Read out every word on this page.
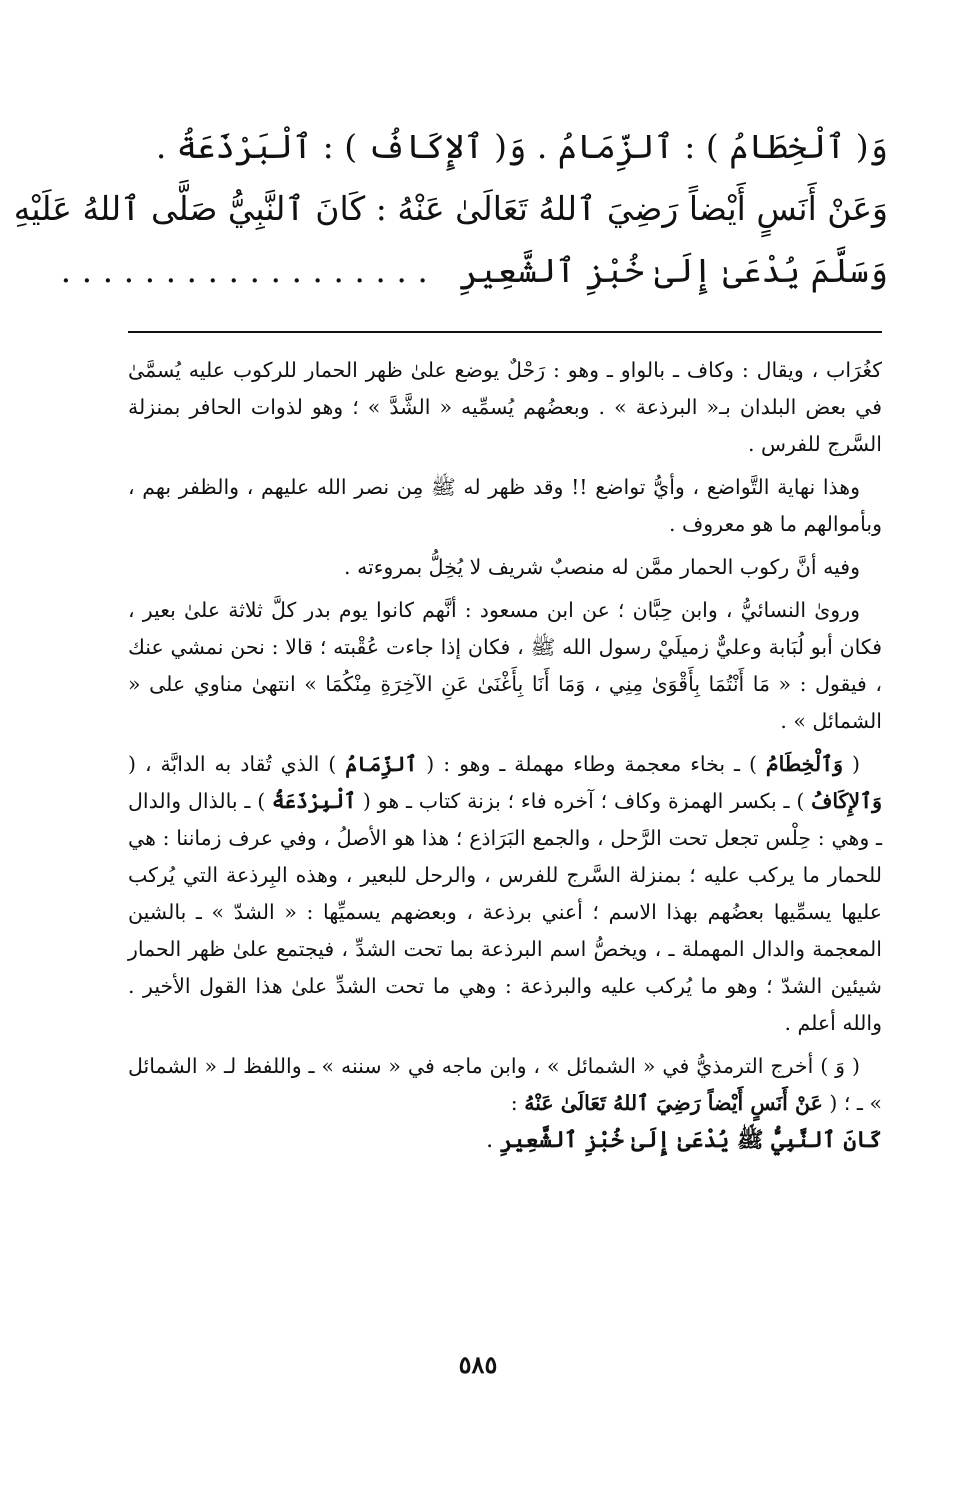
وَ( ٱلْخِطَامُ ) : ٱلزِّمَامُ . وَ( ٱلإِكَافُ ) : ٱلْبَرْذَعَةُ .
وَعَنْ أَنَسٍ أَيْضاً رَضِيَ ٱللهُ تَعَالَىٰ عَنْهُ : كَانَ ٱلنَّبِيُّ صَلَّى ٱللهُ عَلَيْهِ
وَسَلَّمَ يُدْعَىٰ إِلَىٰ خُبْزِ ٱلشَّعِيرِ   . . . . . . . . . . . . . . . . . .

كغُرَاب ، ويقال : وكاف ـ بالواو ـ وهو : رَحْلٌ يوضع علىٰ ظهر الحمار للركوب عليه يُسمَّىٰ في بعض البلدان بـ« البرذعة » . وبعضُهم يُسمِّيه « الشَّدَّ » ؛ وهو لذوات الحافر بمنزلة السَّرج للفرس .

وهذا نهاية التَّواضع ، وأيُّ تواضع !! وقد ظهر له ﷺ مِن نصر الله عليهم ، والظفر بهم ، وبأموالهم ما هو معروف .

وفيه أنَّ ركوب الحمار ممَّن له منصبٌ شريف لا يُخِلُّ بمروءته .

وروىٰ النسائيُّ ، وابن حِبَّان ؛ عن ابن مسعود : أنَّهم كانوا يوم بدر كلَّ ثلاثة علىٰ بعير ، فكان أبو لُبَابة وعليٌّ زميلَيْ رسول الله ﷺ ، فكان إذا جاءت عُقْبته ؛ قالا : نحن نمشي عنك ، فيقول : « مَا أَنْتُمَا بِأَقْوَىٰ مِنِي ، وَمَا أَنَا بِأَغْنَىٰ عَنِ الآخِرَةِ مِنْكُمَا » انتهىٰ مناوي على « الشمائل » .

( وَٱلْخِطَامُ ) ـ بخاء معجمة وطاء مهملة ـ وهو : ( ٱلزِّمَامُ ) الذي تُقاد به الدابَّة ، ( وَٱلإِكَافُ ) ـ بكسر الهمزة وكاف ؛ آخره فاء ؛ بزنة كتاب ـ هو ( ٱلْبِرْذَعَةُ ) ـ بالذال والدال ـ وهي : حِلْس تجعل تحت الرَّحل ، والجمع البَرَاذع ؛ هذا هو الأصلُ ، وفي عرف زماننا : هي للحمار ما يركب عليه ؛ بمنزلة السَّرج للفرس ، والرحل للبعير ، وهذه البِرذعة التي يُركب عليها يسمِّيها بعضُهم بهذا الاسم ؛ أعني برذعة ، وبعضهم يسميِّها : « الشدّ » ـ بالشين المعجمة والدال المهملة ـ ، ويخصُّ اسم البرذعة بما تحت الشدِّ ، فيجتمع علىٰ ظهر الحمار شيئين الشدّ ؛ وهو ما يُركب عليه والبرذعة : وهي ما تحت الشدِّ علىٰ هذا القول الأخير . والله أعلم .

( وَ ) أخرج الترمذيُّ في « الشمائل » ، وابن ماجه في « سننه » ـ واللفظ لـ « الشمائل » ـ ؛ ( عَنْ أَنَسٍ أَيْضاً رَضِيَ ٱللهُ تَعَالَىٰ عَنْهُ :

كَانَ ٱلنَّبِيُّ ﷺ يُدْعَىٰ إِلَىٰ خُبْزِ ٱلشَّعِيرِ .

٥٨٥
